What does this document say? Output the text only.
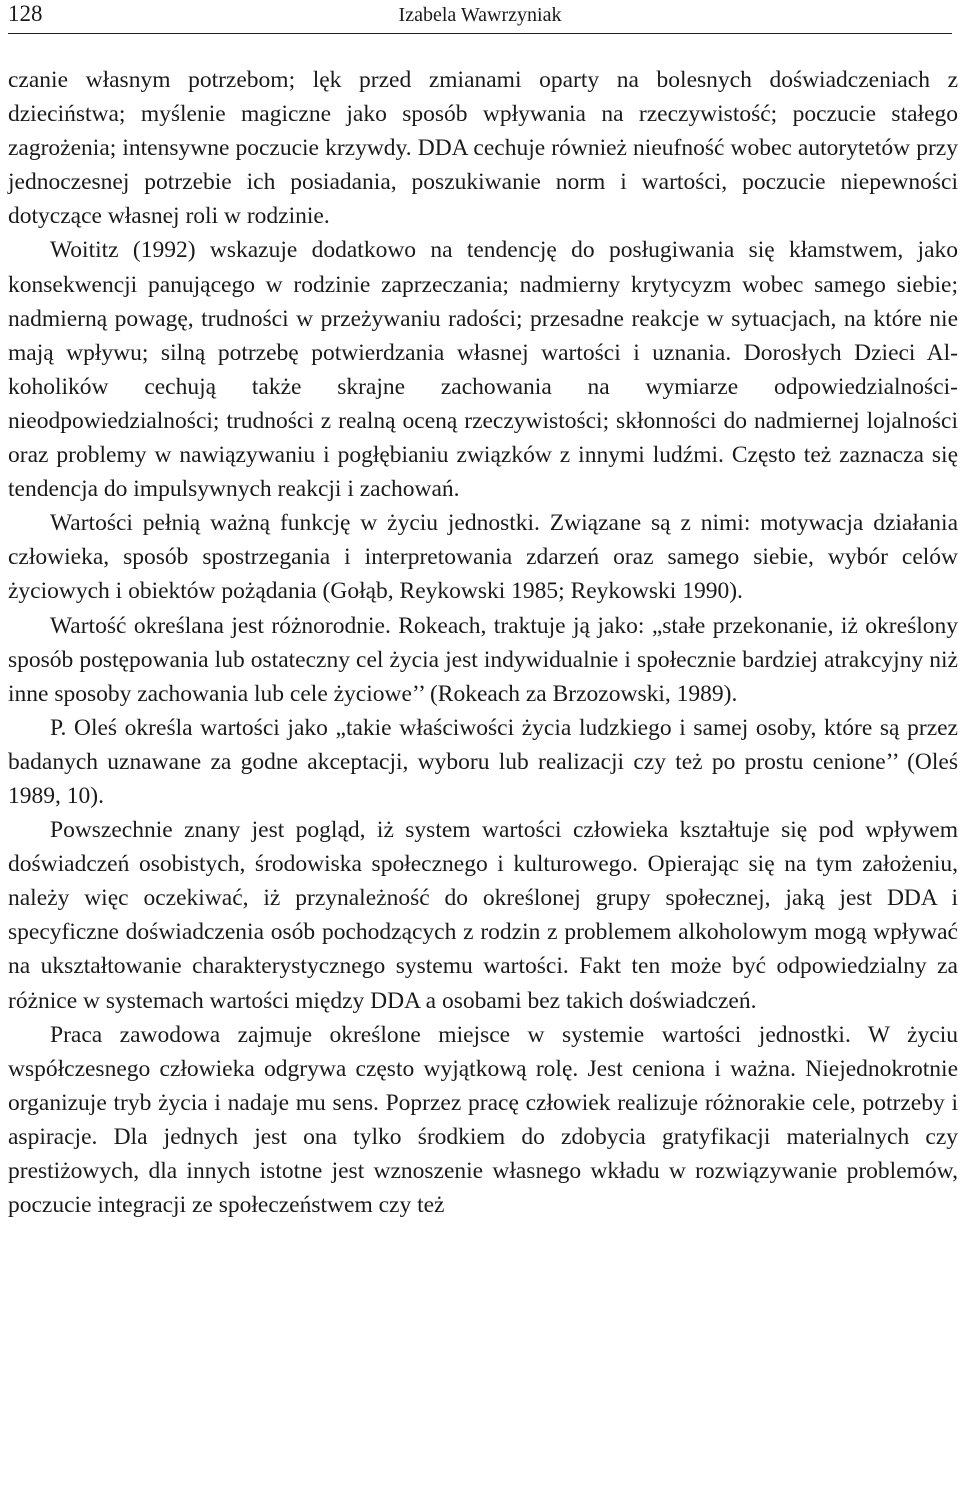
128	Izabela Wawrzyniak

czanie własnym potrzebom; lęk przed zmianami oparty na bolesnych doświadczeniach z dzieciństwa; myślenie magiczne jako sposób wpływania na rzeczywistość; poczucie stałego zagrożenia; intensywne poczucie krzywdy. DDA cechuje również nieufność wobec autorytetów przy jednoczesnej potrzebie ich posiadania, poszukiwanie norm i wartości, poczucie niepewności dotyczące własnej roli w rodzinie.

Woititz (1992) wskazuje dodatkowo na tendencję do posługiwania się kłamstwem, jako konsekwencji panującego w rodzinie zaprzeczania; nadmierny krytycyzm wobec samego siebie; nadmierną powagę, trudności w przeżywaniu radości; przesadne reakcje w sytuacjach, na które nie mają wpływu; silną potrzebę potwierdzania własnej wartości i uznania. Dorosłych Dzieci Alkoholików cechują także skrajne zachowania na wymiarze odpowiedzialności-nieodpowiedzialności; trudności z realną oceną rzeczywistości; skłonności do nadmiernej lojalności oraz problemy w nawiązywaniu i pogłębianiu związków z innymi ludźmi. Często też zaznacza się tendencja do impulsywnych reakcji i zachowań.

Wartości pełnią ważną funkcję w życiu jednostki. Związane są z nimi: motywacja działania człowieka, sposób spostrzegania i interpretowania zdarzeń oraz samego siebie, wybór celów życiowych i obiektów pożądania (Gołąb, Reykowski 1985; Reykowski 1990).

Wartość określana jest różnorodnie. Rokeach, traktuje ją jako: „stałe przekonanie, iż określony sposób postępowania lub ostateczny cel życia jest indywidualnie i społecznie bardziej atrakcyjny niż inne sposoby zachowania lub cele życiowe’’ (Rokeach za Brzozowski, 1989).

P. Oleś określa wartości jako „takie właściwości życia ludzkiego i samej osoby, które są przez badanych uznawane za godne akceptacji, wyboru lub realizacji czy też po prostu cenione’’ (Oleś 1989, 10).

Powszechnie znany jest pogląd, iż system wartości człowieka kształtuje się pod wpływem doświadczeń osobistych, środowiska społecznego i kulturowego. Opierając się na tym założeniu, należy więc oczekiwać, iż przynależność do określonej grupy społecznej, jaką jest DDA i specyficzne doświadczenia osób pochodzących z rodzin z problemem alkoholowym mogą wpływać na ukształtowanie charakterystycznego systemu wartości. Fakt ten może być odpowiedzialny za różnice w systemach wartości między DDA a osobami bez takich doświadczeń.

Praca zawodowa zajmuje określone miejsce w systemie wartości jednostki. W życiu współczesnego człowieka odgrywa często wyjątkową rolę. Jest ceniona i ważna. Niejednokrotnie organizuje tryb życia i nadaje mu sens. Poprzez pracę człowiek realizuje różnorakie cele, potrzeby i aspiracje. Dla jednych jest ona tylko środkiem do zdobycia gratyfikacji materialnych czy prestiżowych, dla innych istotne jest wznoszenie własnego wkładu w rozwiązywanie problemów, poczucie integracji ze społeczeństwem czy też
